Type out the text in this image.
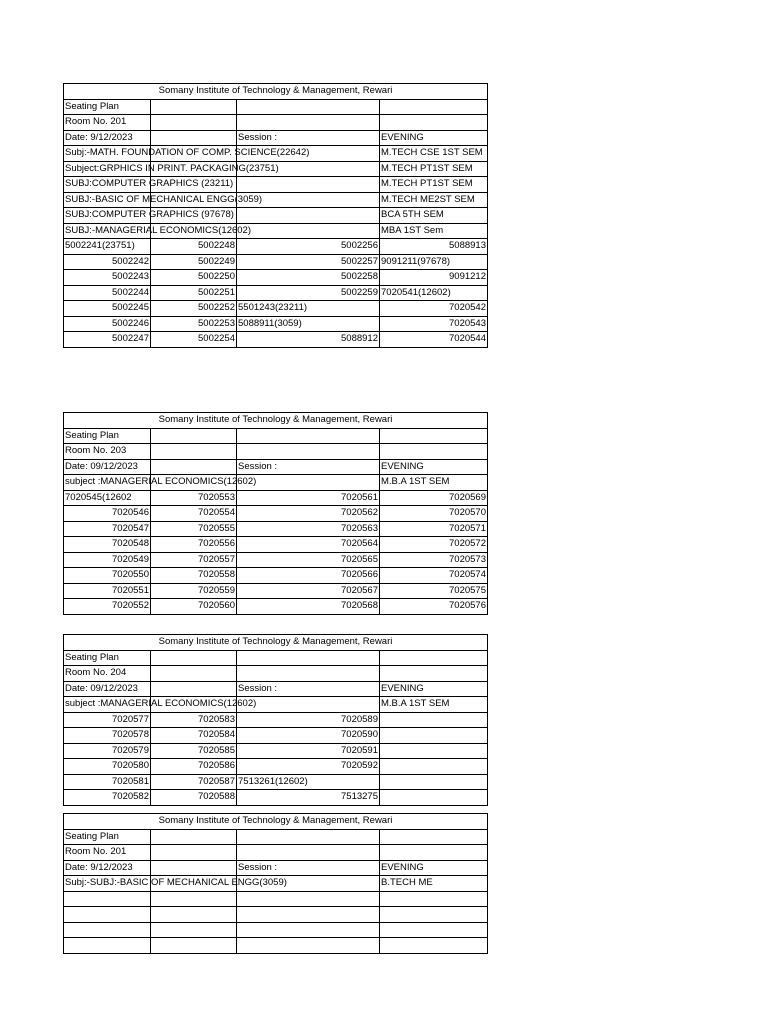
Somany Institute of Technology & Management, Rewari			
Seating Plan			
Room No. 201			
Date: 9/12/2023		Session :	EVENING

Subj:-MATH. FOUNDATION OF COMP. SCIENCE(22642)			M.TECH CSE 1ST SEM

Subject:GRPHICS IN PRINT. PACKAGING(23751)			M.TECH PT1ST SEM

SUBJ:COMPUTER GRAPHICS (23211)			M.TECH PT1ST SEM

SUBJ:-BASIC OF MECHANICAL ENGG(3059)			M.TECH ME2ST SEM

SUBJ:COMPUTER GRAPHICS (97678)			BCA 5TH SEM

SUBJ:-MANAGERIAL ECONOMICS(12602)			MBA 1ST Sem
5002241(23751)	5002248	5002256	5088913
5002242	5002249	5002257	9091211(97678)
5002243	5002250	5002258	9091212
5002244	5002251	5002259	7020541(12602)
5002245	5002252	5501243(23211)	7020542
5002246	5002253	5088911(3059)	7020543
5002247	5002254	5088912	7020544
Somany Institute of Technology & Management, Rewari			
Seating Plan			
Room No. 203			
Date: 09/12/2023		Session :	EVENING

subject :MANAGERIAL ECONOMICS(12602)			M.B.A 1ST SEM
7020545(12602	7020553	7020561	7020569
7020546	7020554	7020562	7020570
7020547	7020555	7020563	7020571
7020548	7020556	7020564	7020572
7020549	7020557	7020565	7020573
7020550	7020558	7020566	7020574
7020551	7020559	7020567	7020575
7020552	7020560	7020568	7020576
Somany Institute of Technology & Management, Rewari			
Seating Plan			
Room No. 204			
Date: 09/12/2023		Session :	EVENING

subject :MANAGERIAL ECONOMICS(12602)			M.B.A 1ST SEM
7020577	7020583	7020589	
7020578	7020584	7020590	
7020579	7020585	7020591	
7020580	7020586	7020592	
7020581	7020587	7513261(12602)	
7020582	7020588	7513275	
Somany Institute of Technology & Management, Rewari			
Seating Plan			
Room No. 201			
Date: 9/12/2023		Session :	EVENING

Subj:-SUBJ:-BASIC OF MECHANICAL ENGG(3059)			B.TECH ME
